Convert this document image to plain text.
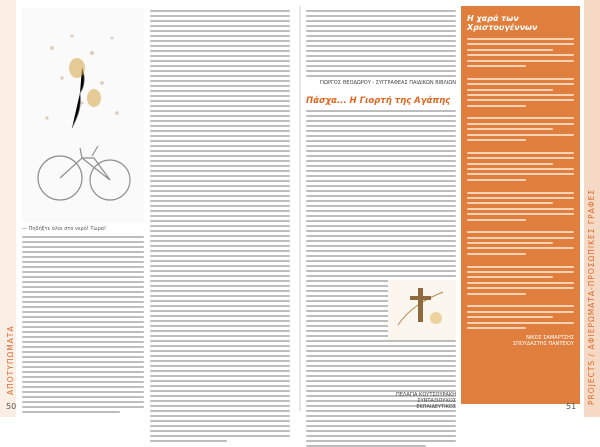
ΑΠΟΤΥΠΩΜΑΤΑ
— Πηδήξτε όλοι στο νερό! Τώρα!
50
ΓΙΩΡΓΟΣ ΘΕΟΔΩΡΟΥ - ΣΥΓΓΡΑΦΕΑΣ ΠΑΙΔΙΚΩΝ ΒΙΒΛΙΩΝ
Πάσχα... Η Γιορτή της Αγάπης
ΠΕΛΑΓΙΑ ΚΟΥΤΣΟΥΡΑΚΗ
ΣΥΝΤΑΞΙΟΥΧΟΣ ΕΚΠΑΙΔΕΥΤΙΚΟΣ
Η χαρά των Χριστουγέννων
ΝΙΚΟΣ ΣΑΜΑΡΤΖΗΣ
ΣΠΟΥΔΑΣΤΗΣ ΠΑΝΤΕΙΟΥ PROJECTS / ΑΦΙΕΡΩΜΑΤΑ-ΠΡΟΣΩΠΙΚΕΣ ΓΡΑΦΕΣ
51
